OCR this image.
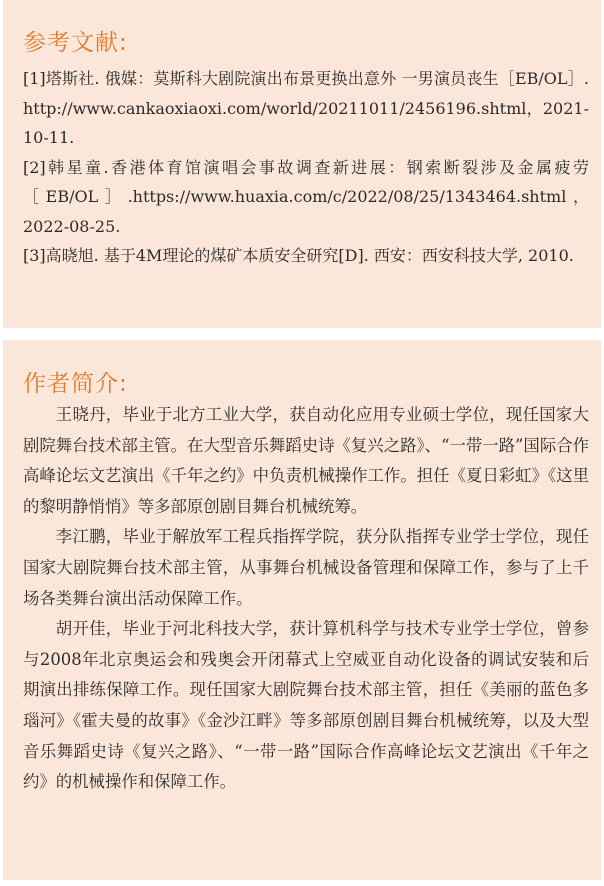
参考文献:

[1]塔斯社. 俄媒：莫斯科大剧院演出布景更换出意外 一男演员丧生［EB/OL］. http://www.cankaoxiaoxi.com/world/20211011/2456196.shtml，2021-10-11.

[2]韩星童.香港体育馆演唱会事故调查新进展：钢索断裂涉及金属疲劳［EB/OL］.https://www.huaxia.com/c/2022/08/25/1343464.shtml，2022-08-25.

[3]高晓旭. 基于4M理论的煤矿本质安全研究[D]. 西安：西安科技大学, 2010.

作者简介:

王晓丹，毕业于北方工业大学，获自动化应用专业硕士学位，现任国家大剧院舞台技术部主管。在大型音乐舞蹈史诗《复兴之路》、“一带一路”国际合作高峰论坛文艺演出《千年之约》中负责机械操作工作。担任《夏日彩虹》《这里的黎明静悄悄》等多部原创剧目舞台机械统筹。

李江鹏，毕业于解放军工程兵指挥学院，获分队指挥专业学士学位，现任国家大剧院舞台技术部主管，从事舞台机械设备管理和保障工作，参与了上千场各类舞台演出活动保障工作。

胡开佳，毕业于河北科技大学，获计算机科学与技术专业学士学位，曾参与2008年北京奥运会和残奥会开闭幕式上空威亚自动化设备的调试安装和后期演出排练保障工作。现任国家大剧院舞台技术部主管，担任《美丽的蓝色多瑙河》《霍夫曼的故事》《金沙江畔》等多部原创剧目舞台机械统筹，以及大型音乐舞蹈史诗《复兴之路》、“一带一路”国际合作高峰论坛文艺演出《千年之约》的机械操作和保障工作。
